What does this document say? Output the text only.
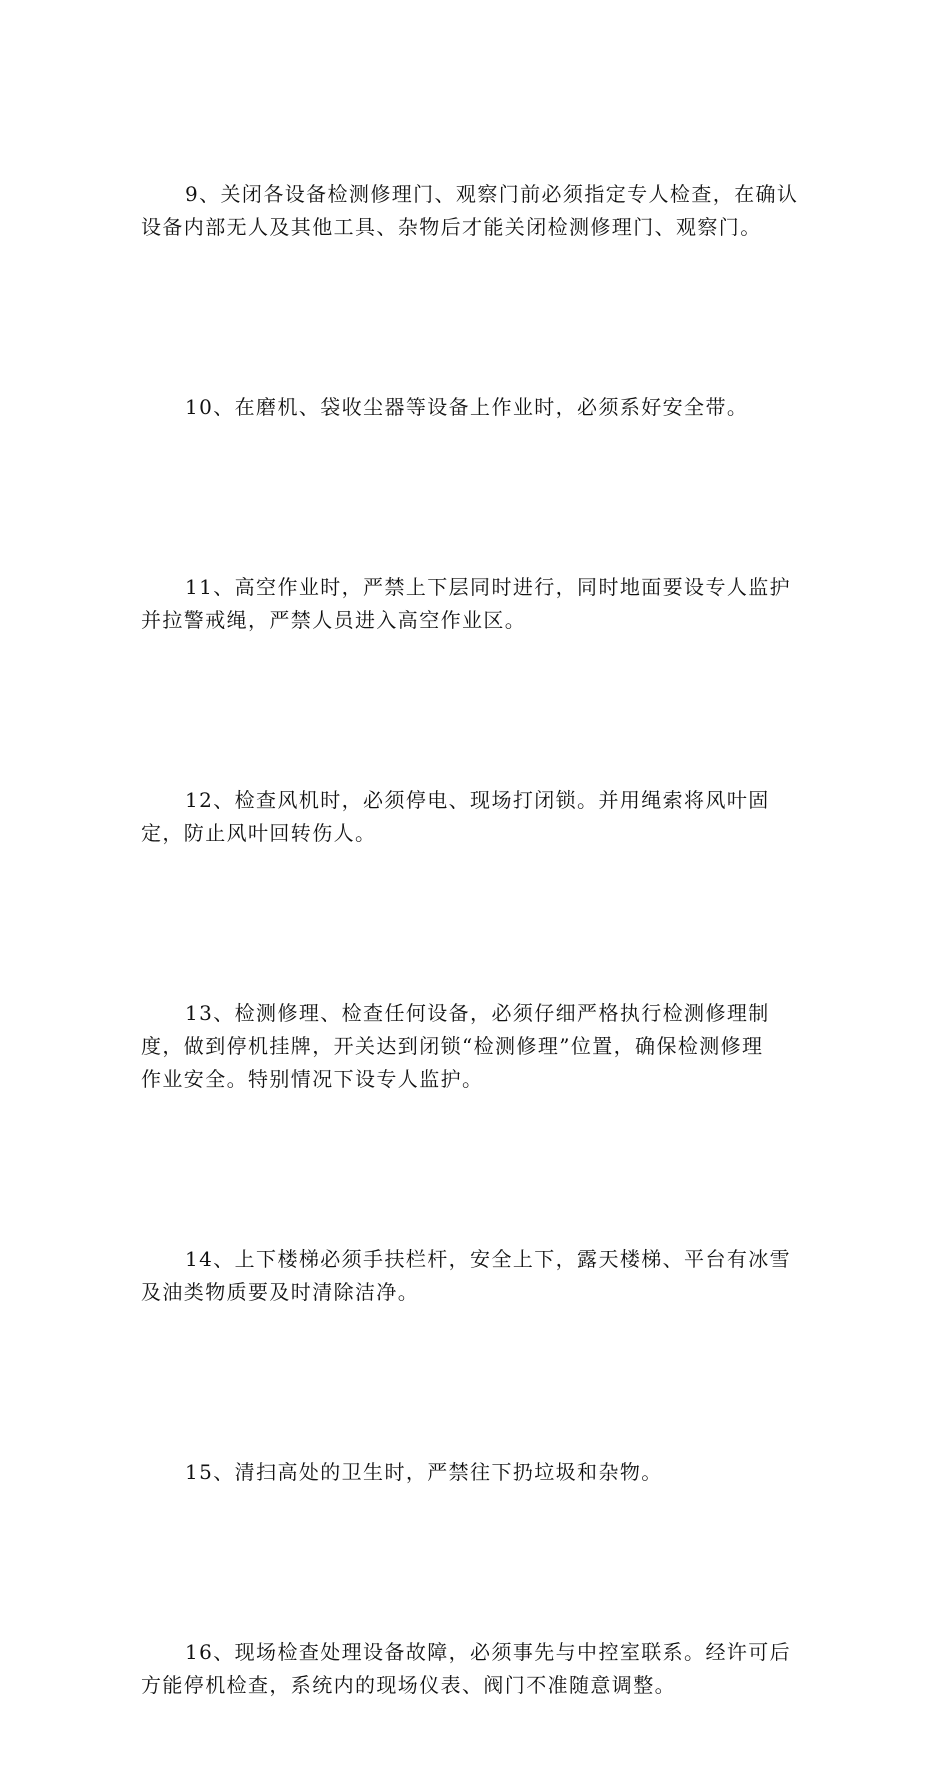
9、关闭各设备检测修理门、观察门前必须指定专人检查，在确认
设备内部无人及其他工具、杂物后才能关闭检测修理门、观察门。

10、在磨机、袋收尘器等设备上作业时，必须系好安全带。

11、高空作业时，严禁上下层同时进行，同时地面要设专人监护
并拉警戒绳，严禁人员进入高空作业区。

12、检查风机时，必须停电、现场打闭锁。并用绳索将风叶固
定，防止风叶回转伤人。

13、检测修理、检查任何设备，必须仔细严格执行检测修理制
度，做到停机挂牌，开关达到闭锁“检测修理”位置，确保检测修理
作业安全。特别情况下设专人监护。

14、上下楼梯必须手扶栏杆，安全上下，露天楼梯、平台有冰雪
及油类物质要及时清除洁净。

15、清扫高处的卫生时，严禁往下扔垃圾和杂物。

16、现场检查处理设备故障，必须事先与中控室联系。经许可后
方能停机检查，系统内的现场仪表、阀门不准随意调整。
